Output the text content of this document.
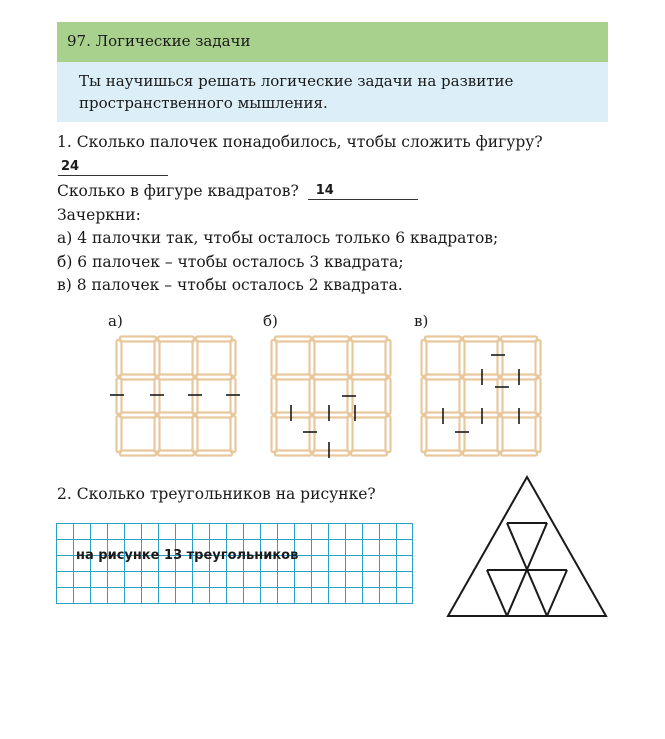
97. Логические задачи
Ты научишься решать логические задачи на развитие
пространственного мышления.
1. Сколько палочек понадобилось, чтобы сложить фигуру?
24
Сколько в фигуре квадратов? 14
Зачеркни:
а) 4 палочки так, чтобы осталось только 6 квадратов;
б) 6 палочек – чтобы осталось 3 квадрата;
в) 8 палочек – чтобы осталось 2 квадрата.
а)	б)	в)
2. Сколько треугольников на рисунке?
на рисунке 13 треугольников
